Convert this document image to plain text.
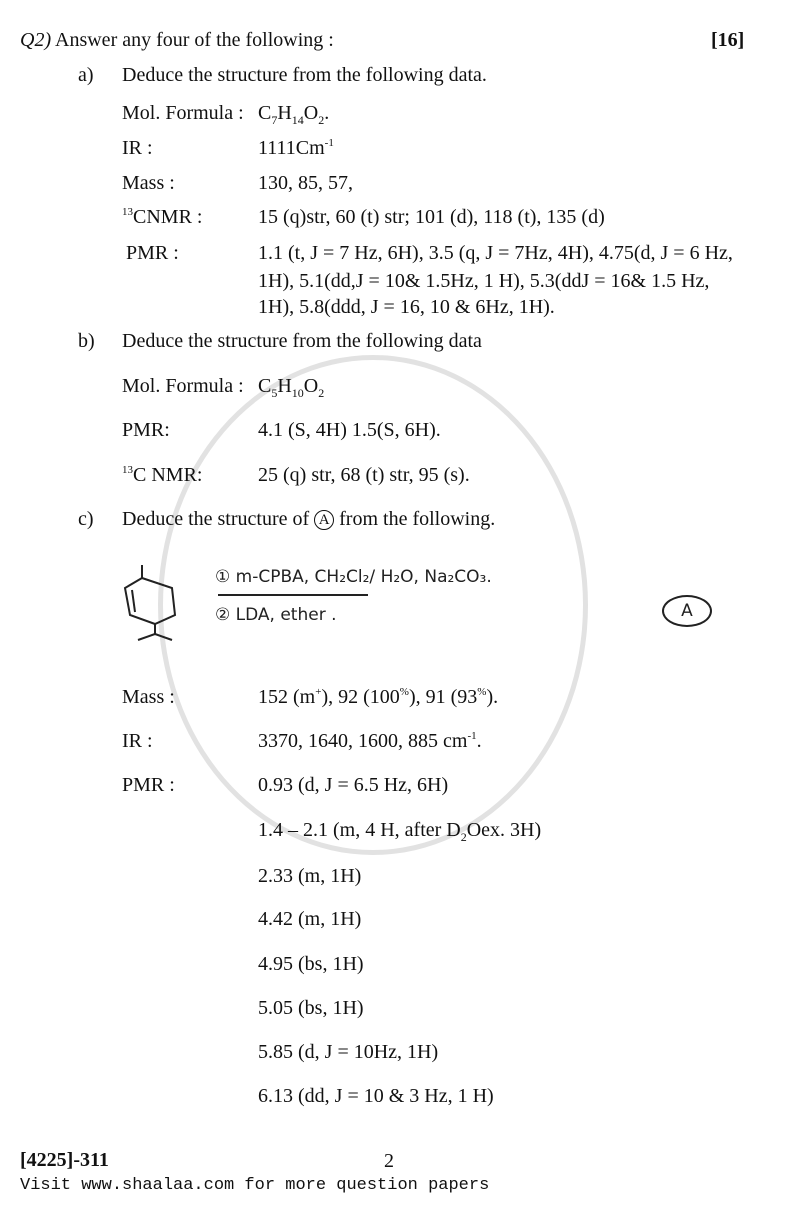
Q2) Answer any four of the following :	[16]
a) Deduce the structure from the following data.
Mol. Formula : $C_7H_{14}O_2$.
IR :	$1111Cm^{-1}$
Mass :	130, 85, 57,
$^{13}$CNMR :	15 (q)str, 60 (t) str; 101 (d), 118 (t), 135 (d)
PMR :	1.1 (t, J = 7 Hz, 6H), 3.5 (q, J = 7Hz, 4H), 4.75(d, J = 6 Hz,
1H), 5.1(dd,J = 10& 1.5Hz, 1 H), 5.3(ddJ = 16& 1.5 Hz,
1H), 5.8(ddd, J = 16, 10 & 6Hz, 1H).
b) Deduce the structure from the following data
Mol. Formula : $C_5H_{10}O_2$
PMR:	4.1 (S, 4H) 1.5(S, 6H).
$^{13}$C NMR:	25 (q) str, 68 (t) str, 95 (s).
c) Deduce the structure of A from the following.
① m-CPBA, CH₂Cl₂/ H₂O, Na₂CO₃.
② LDA, ether .	A
Mass :	152 (m+), 92 (100%), 91 (93%).
IR :	3370, 1640, 1600, 885 $cm^{-1}$.
PMR :	0.93 (d, J = 6.5 Hz, 6H)
1.4 – 2.1 (m, 4 H, after $D_2Oex$. 3H)
2.33 (m, 1H)
4.42 (m, 1H)
4.95 (bs, 1H)
5.05 (bs, 1H)
5.85 (d, J = 10Hz, 1H)
6.13 (dd, J = 10 & 3 Hz, 1 H)
[4225]-311	2
Visit www.shaalaa.com for more question papers
